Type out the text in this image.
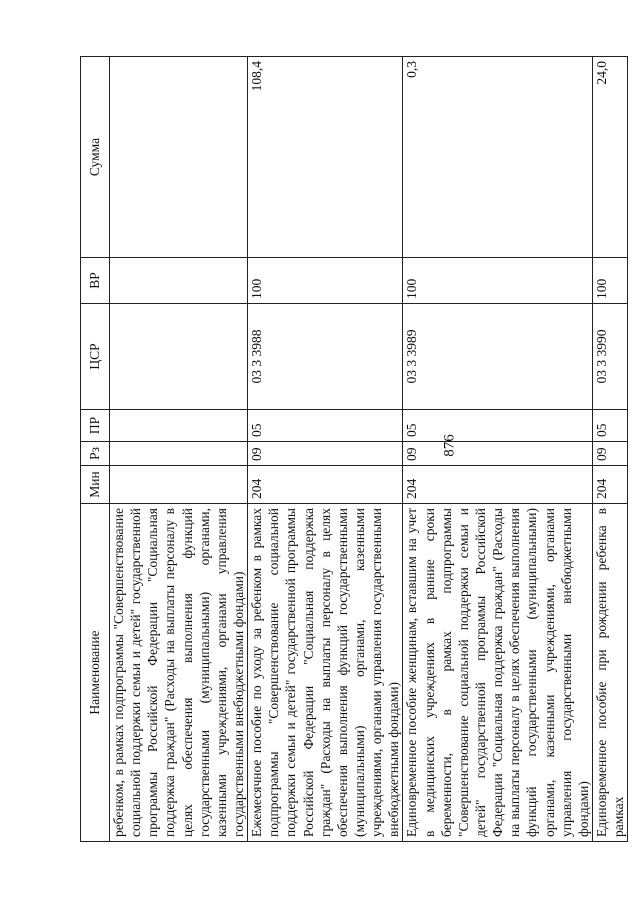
876
Наименование	Мин	Рз	ПР	ЦСР	ВР	Сумма
ребенком, в рамках подпрограммы "Совершенствование социальной поддержки семьи и детей" государственной программы Российской Федерации "Социальная поддержка граждан" (Расходы на выплаты персоналу в целях обеспечения выполнения функций государственными (муниципальными) органами, казенными учреждениями, органами управления государственными внебюджетными фондами)						
Ежемесячное пособие по уходу за ребенком в рамках подпрограммы "Совершенствование социальной поддержки семьи и детей" государственной программы Российской Федерации "Социальная поддержка граждан" (Расходы на выплаты персоналу в целях обеспечения выполнения функций государственными (муниципальными) органами, казенными учреждениями, органами управления государственными внебюджетными фондами)	204	09	05	03 3 3988	100	108,4
Единовременное пособие женщинам, вставшим на учет в медицинских учреждениях в ранние сроки беременности, в рамках подпрограммы "Совершенствование социальной поддержки семьи и детей" государственной программы Российской Федерации "Социальная поддержка граждан" (Расходы на выплаты персоналу в целях обеспечения выполнения функций государственными (муниципальными) органами, казенными учреждениями, органами управления государственными внебюджетными фондами)	204	09	05	03 3 3989	100	0,3
Единовременное пособие при рождении ребенка в рамках	204	09	05	03 3 3990	100	24,0
